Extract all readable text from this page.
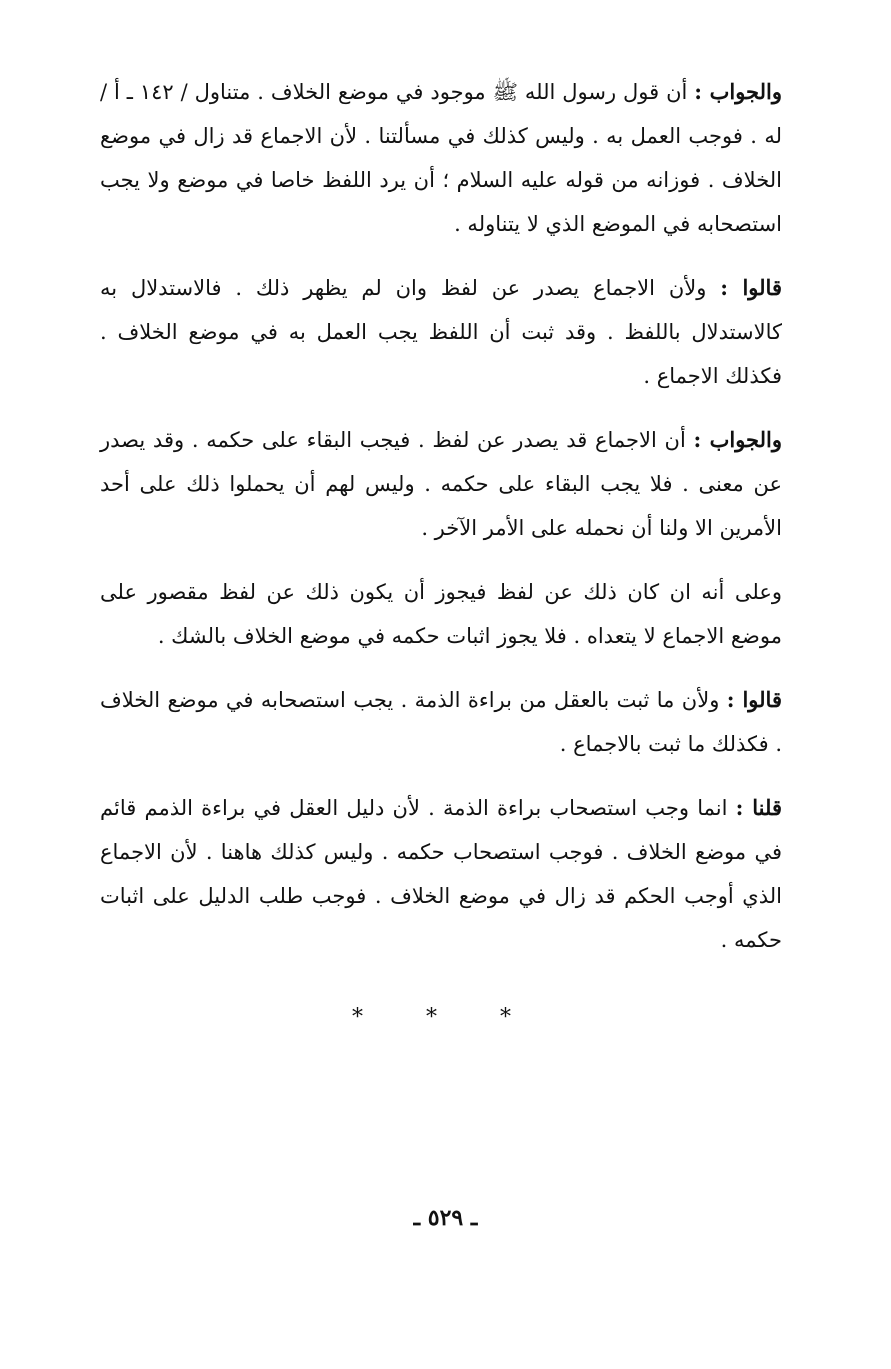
والجواب : أن قول رسول الله ﷺ موجود في موضع الخلاف . متناول / ١٤٢ ـ أ / له . فوجب العمل به . وليس كذلك في مسألتنا . لأن الاجماع قد زال في موضع الخلاف . فوزانه من قوله عليه السلام ؛ أن يرد اللفظ خاصا في موضع ولا يجب استصحابه في الموضع الذي لا يتناوله .

قالوا : ولأن الاجماع يصدر عن لفظ وان لم يظهر ذلك . فالاستدلال به كالاستدلال باللفظ . وقد ثبت أن اللفظ يجب العمل به في موضع الخلاف . فكذلك الاجماع .

والجواب : أن الاجماع قد يصدر عن لفظ . فيجب البقاء على حكمه . وقد يصدر عن معنى . فلا يجب البقاء على حكمه . وليس لهم أن يحملوا ذلك على أحد الأمرين الا ولنا أن نحمله على الأمر الآخر .

وعلى أنه ان كان ذلك عن لفظ فيجوز أن يكون ذلك عن لفظ مقصور على موضع الاجماع لا يتعداه . فلا يجوز اثبات حكمه في موضع الخلاف بالشك .

قالوا : ولأن ما ثبت بالعقل من براءة الذمة . يجب استصحابه في موضع الخلاف . فكذلك ما ثبت بالاجماع .

قلنا : انما وجب استصحاب براءة الذمة . لأن دليل العقل في براءة الذمم قائم في موضع الخلاف . فوجب استصحاب حكمه . وليس كذلك هاهنا . لأن الاجماع الذي أوجب الحكم قد زال في موضع الخلاف . فوجب طلب الدليل على اثبات حكمه .

* * *
ـ ٥٢٩ ـ
